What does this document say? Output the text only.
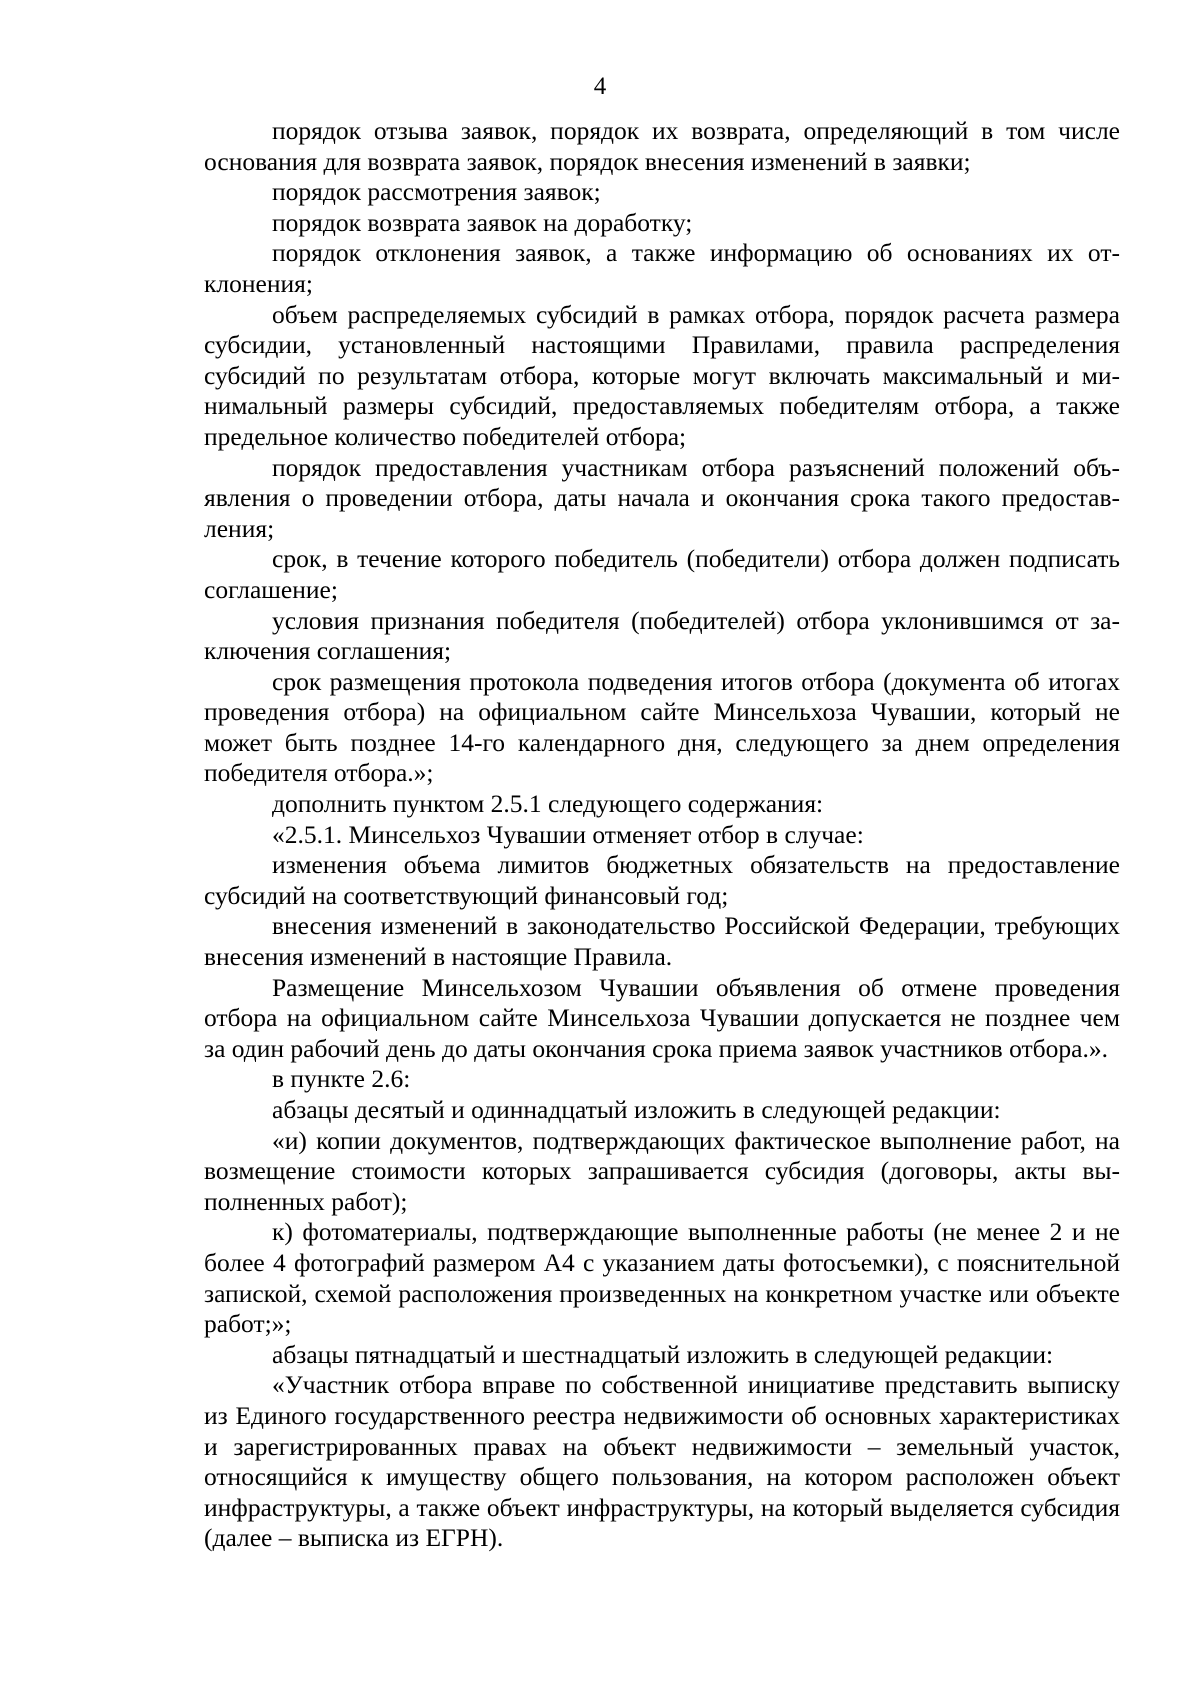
4

порядок отзыва заявок, порядок их возврата, определяющий в том числе основания для возврата заявок, порядок внесения изменений в заявки;

порядок рассмотрения заявок;

порядок возврата заявок на доработку;

порядок отклонения заявок, а также информацию об основаниях их отклонения;

объем распределяемых субсидий в рамках отбора, порядок расчета размера субсидии, установленный настоящими Правилами, правила распределения субсидий по результатам отбора, которые могут включать максимальный и минимальный размеры субсидий, предоставляемых победителям отбора, а также предельное количество победителей отбора;

порядок предоставления участникам отбора разъяснений положений объявления о проведении отбора, даты начала и окончания срока такого предоставления;

срок, в течение которого победитель (победители) отбора должен подписать соглашение;

условия признания победителя (победителей) отбора уклонившимся от заключения соглашения;

срок размещения протокола подведения итогов отбора (документа об итогах проведения отбора) на официальном сайте Минсельхоза Чувашии, который не может быть позднее 14-го календарного дня, следующего за днем определения победителя отбора.»;

дополнить пунктом 2.5.1 следующего содержания:

«2.5.1. Минсельхоз Чувашии отменяет отбор в случае:

изменения объема лимитов бюджетных обязательств на предоставление субсидий на соответствующий финансовый год;

внесения изменений в законодательство Российской Федерации, требующих внесения изменений в настоящие Правила.

Размещение Минсельхозом Чувашии объявления об отмене проведения отбора на официальном сайте Минсельхоза Чувашии допускается не позднее чем за один рабочий день до даты окончания срока приема заявок участников отбора.».

в пункте 2.6:

абзацы десятый и одиннадцатый изложить в следующей редакции:

«и) копии документов, подтверждающих фактическое выполнение работ, на возмещение стоимости которых запрашивается субсидия (договоры, акты выполненных работ);

к) фотоматериалы, подтверждающие выполненные работы (не менее 2 и не более 4 фотографий размером А4 с указанием даты фотосъемки), с пояснительной запиской, схемой расположения произведенных на конкретном участке или объекте работ;»;

абзацы пятнадцатый и шестнадцатый изложить в следующей редакции:

«Участник отбора вправе по собственной инициативе представить выписку из Единого государственного реестра недвижимости об основных характеристиках и зарегистрированных правах на объект недвижимости – земельный участок, относящийся к имуществу общего пользования, на котором расположен объект инфраструктуры, а также объект инфраструктуры, на который выделяется субсидия (далее – выписка из ЕГРН).
